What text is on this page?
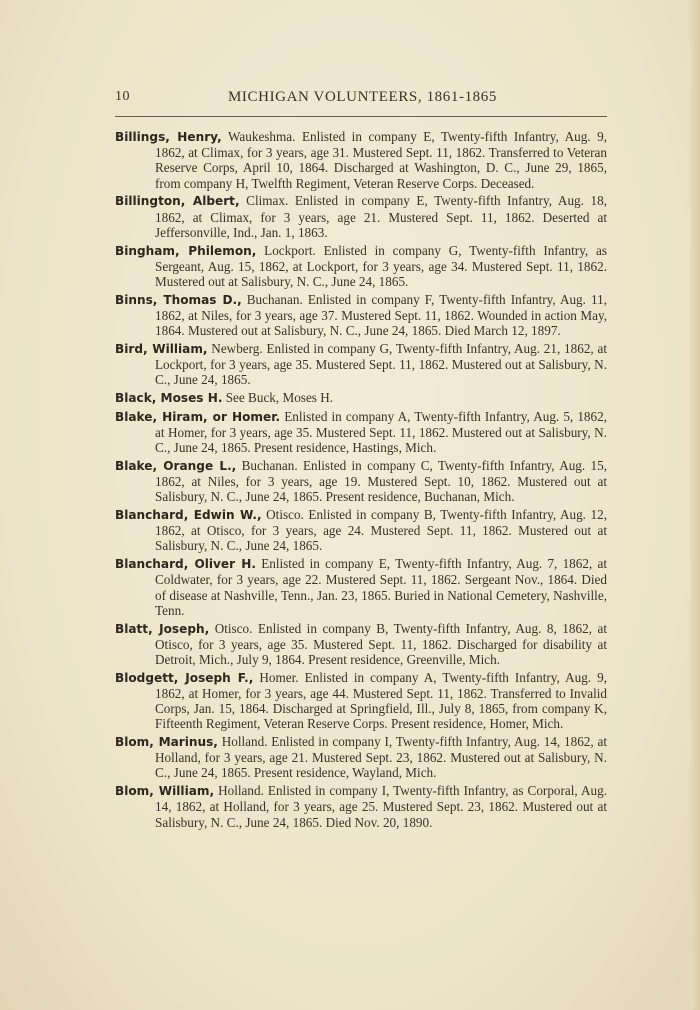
10	MICHIGAN VOLUNTEERS, 1861-1865

Billings, Henry, Waukeshma. Enlisted in company E, Twenty-fifth Infantry, Aug. 9, 1862, at Climax, for 3 years, age 31. Mustered Sept. 11, 1862. Transferred to Veteran Reserve Corps, April 10, 1864. Discharged at Washington, D. C., June 29, 1865, from company H, Twelfth Regiment, Veteran Reserve Corps. Deceased.

Billington, Albert, Climax. Enlisted in company E, Twenty-fifth Infantry, Aug. 18, 1862, at Climax, for 3 years, age 21. Mustered Sept. 11, 1862. Deserted at Jeffersonville, Ind., Jan. 1, 1863.

Bingham, Philemon, Lockport. Enlisted in company G, Twenty-fifth Infantry, as Sergeant, Aug. 15, 1862, at Lockport, for 3 years, age 34. Mustered Sept. 11, 1862. Mustered out at Salisbury, N. C., June 24, 1865.

Binns, Thomas D., Buchanan. Enlisted in company F, Twenty-fifth Infantry, Aug. 11, 1862, at Niles, for 3 years, age 37. Mustered Sept. 11, 1862. Wounded in action May, 1864. Mustered out at Salisbury, N. C., June 24, 1865. Died March 12, 1897.

Bird, William, Newberg. Enlisted in company G, Twenty-fifth Infantry, Aug. 21, 1862, at Lockport, for 3 years, age 35. Mustered Sept. 11, 1862. Mustered out at Salisbury, N. C., June 24, 1865.

Black, Moses H. See Buck, Moses H.

Blake, Hiram, or Homer. Enlisted in company A, Twenty-fifth Infantry, Aug. 5, 1862, at Homer, for 3 years, age 35. Mustered Sept. 11, 1862. Mustered out at Salisbury, N. C., June 24, 1865. Present residence, Hastings, Mich.

Blake, Orange L., Buchanan. Enlisted in company C, Twenty-fifth Infantry, Aug. 15, 1862, at Niles, for 3 years, age 19. Mustered Sept. 10, 1862. Mustered out at Salisbury, N. C., June 24, 1865. Present residence, Buchanan, Mich.

Blanchard, Edwin W., Otisco. Enlisted in company B, Twenty-fifth Infantry, Aug. 12, 1862, at Otisco, for 3 years, age 24. Mustered Sept. 11, 1862. Mustered out at Salisbury, N. C., June 24, 1865.

Blanchard, Oliver H. Enlisted in company E, Twenty-fifth Infantry, Aug. 7, 1862, at Coldwater, for 3 years, age 22. Mustered Sept. 11, 1862. Sergeant Nov., 1864. Died of disease at Nashville, Tenn., Jan. 23, 1865. Buried in National Cemetery, Nashville, Tenn.

Blatt, Joseph, Otisco. Enlisted in company B, Twenty-fifth Infantry, Aug. 8, 1862, at Otisco, for 3 years, age 35. Mustered Sept. 11, 1862. Discharged for disability at Detroit, Mich., July 9, 1864. Present residence, Greenville, Mich.

Blodgett, Joseph F., Homer. Enlisted in company A, Twenty-fifth Infantry, Aug. 9, 1862, at Homer, for 3 years, age 44. Mustered Sept. 11, 1862. Transferred to Invalid Corps, Jan. 15, 1864. Discharged at Springfield, Ill., July 8, 1865, from company K, Fifteenth Regiment, Veteran Reserve Corps. Present residence, Homer, Mich.

Blom, Marinus, Holland. Enlisted in company I, Twenty-fifth Infantry, Aug. 14, 1862, at Holland, for 3 years, age 21. Mustered Sept. 23, 1862. Mustered out at Salisbury, N. C., June 24, 1865. Present residence, Wayland, Mich.

Blom, William, Holland. Enlisted in company I, Twenty-fifth Infantry, as Corporal, Aug. 14, 1862, at Holland, for 3 years, age 25. Mustered Sept. 23, 1862. Mustered out at Salisbury, N. C., June 24, 1865. Died Nov. 20, 1890.
